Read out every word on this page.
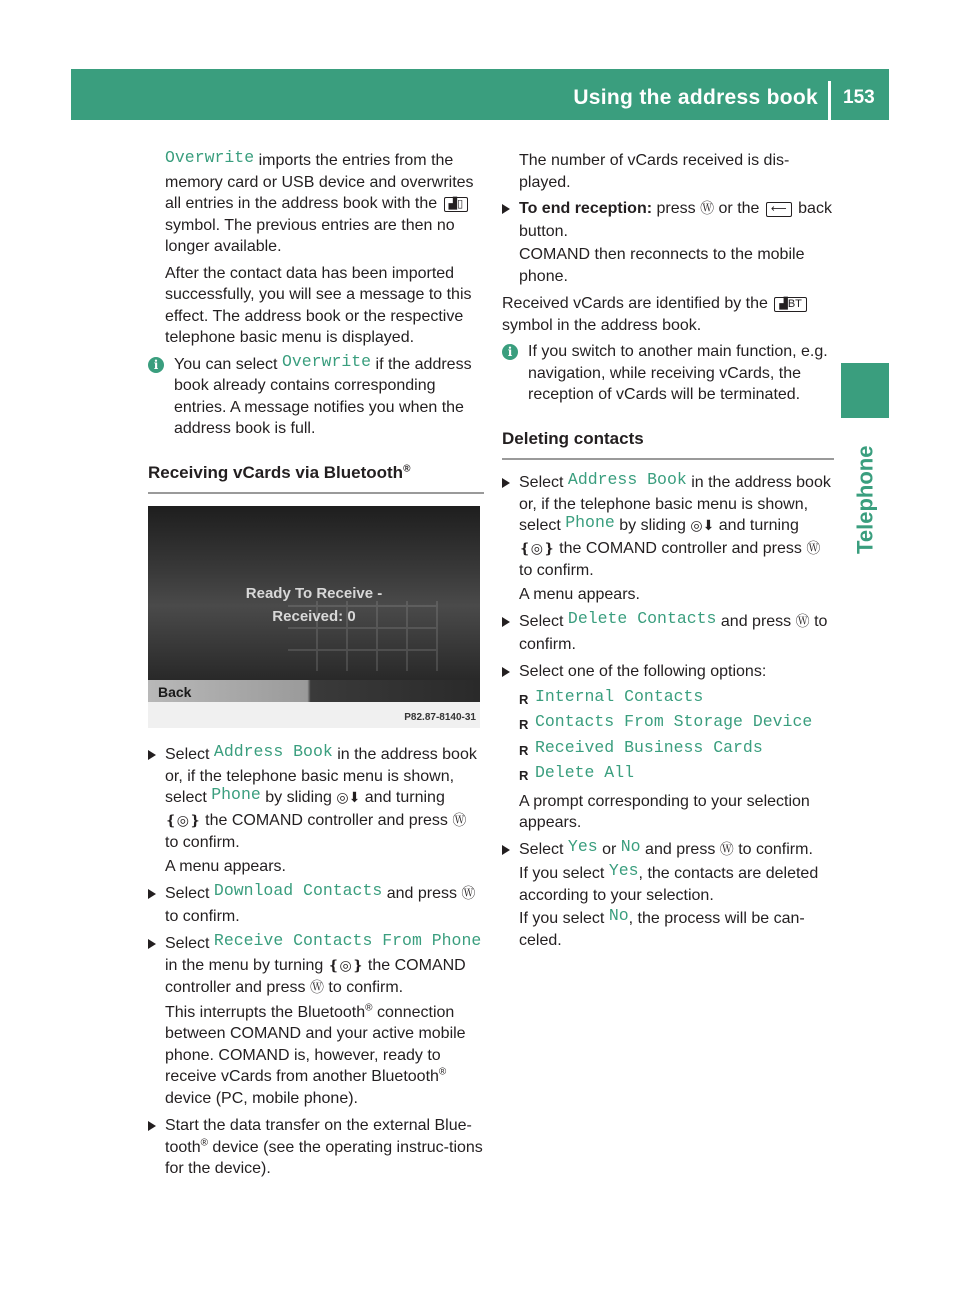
Using the address book 153
Telephone

Overwrite imports the entries from the memory card or USB device and overwrites all entries in the address book with the ▟▯ symbol. The previous entries are then no longer available.

After the contact data has been imported successfully, you will see a message to this effect. The address book or the respective telephone basic menu is displayed.

i You can select Overwrite if the address book already contains corresponding entries. A message notifies you when the address book is full.
Receiving vCards via Bluetooth®
Ready To Receive -
Received: 0
Back
P82.87-8140-31

Select Address Book in the address book or, if the telephone basic menu is shown, select Phone by sliding ◎⬇ and turning ❴◎❵ the COMAND controller and press Ⓦ to confirm.

A menu appears.

Select Download Contacts and press Ⓦ to confirm.

Select Receive Contacts From Phone in the menu by turning ❴◎❵ the COMAND controller and press Ⓦ to confirm.

This interrupts the Bluetooth® connection between COMAND and your active mobile phone. COMAND is, however, ready to receive vCards from another Bluetooth® device (PC, mobile phone).

Start the data transfer on the external Blue-tooth® device (see the operating instruc-tions for the device).

The number of vCards received is dis-played.

To end reception: press Ⓦ or the ⟵ back button.

COMAND then reconnects to the mobile phone.

Received vCards are identified by the ▟BT symbol in the address book.

i If you switch to another main function, e.g. navigation, while receiving vCards, the reception of vCards will be terminated.
Deleting contacts

Select Address Book in the address book or, if the telephone basic menu is shown, select Phone by sliding ◎⬇ and turning ❴◎❵ the COMAND controller and press Ⓦ to confirm.

A menu appears.

Select Delete Contacts and press Ⓦ to confirm.

Select one of the following options:

R Internal Contacts
R Contacts From Storage Device
R Received Business Cards
R Delete All

A prompt corresponding to your selection appears.

Select Yes or No and press Ⓦ to confirm.

If you select Yes, the contacts are deleted according to your selection.

If you select No, the process will be can-celed.
